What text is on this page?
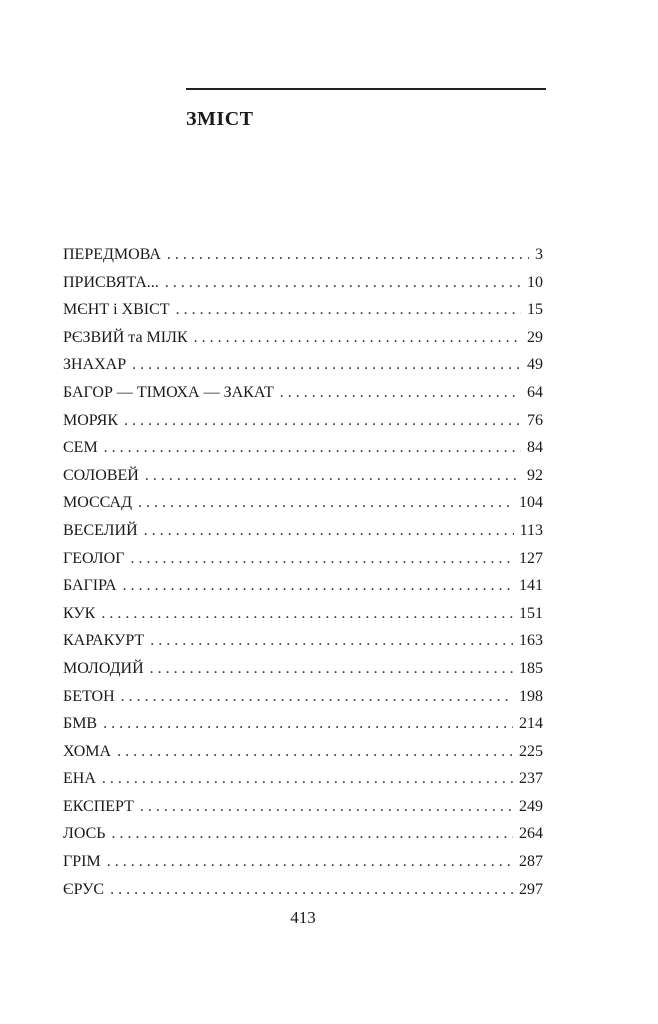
ЗМІСТ
ПЕРЕДМОВА . . .	3
ПРИСВЯТА... . . .	10
МЄНТ і ХВІСТ . . .	15
РЄЗВИЙ та МІЛК . . .	29
ЗНАХАР . . .	49
БАГОР — ТІМОХА — ЗАКАТ . . .	64
МОРЯК . . .	76
СЕМ . . .	84
СОЛОВЕЙ . . .	92
МОССАД . . .	104
ВЕСЕЛИЙ . . .	113
ГЕОЛОГ . . .	127
БАГІРА . . .	141
КУК . . .	151
КАРАКУРТ . . .	163
МОЛОДИЙ . . .	185
БЕТОН . . .	198
БМВ . . .	214
ХОМА . . .	225
ЕНА . . .	237
ЕКСПЕРТ . . .	249
ЛОСЬ . . .	264
ГРІМ . . .	287
ЄРУС . . .	297
413
